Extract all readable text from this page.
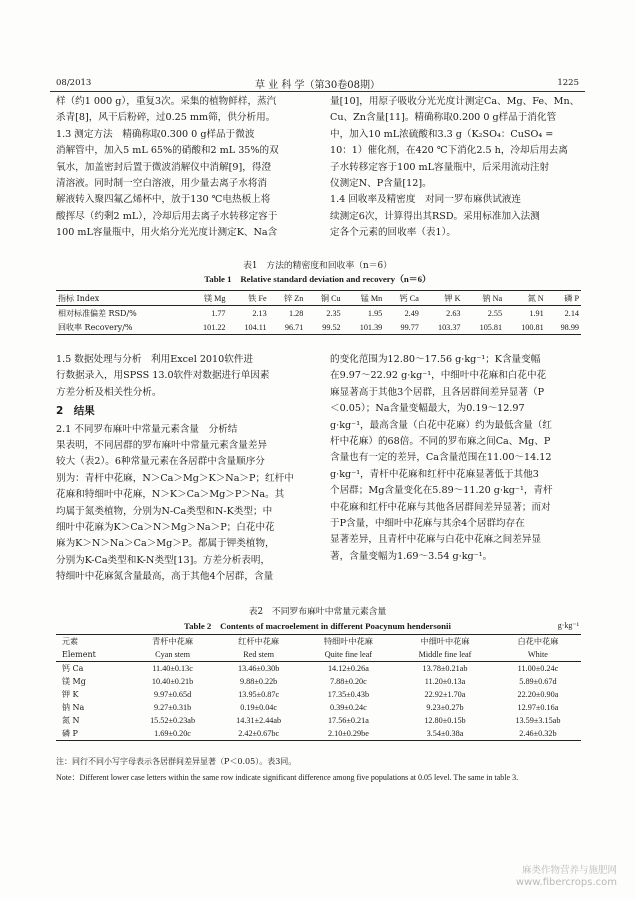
08/2013	草 业 科 学（第30卷08期）	1225

样（约1 000 g），重复3次。采集的植物鲜样，蒸汽

杀青[8]，风干后粉碎，过0.25 mm筛，供分析用。

1.3 测定方法　精确称取0.300 0 g样品于微波

消解管中，加入5 mL 65%的硝酸和2 mL 35%的双

氧水，加盖密封后置于微波消解仪中消解[9]，得澄

清溶液。同时制一空白溶液，用少量去离子水将消

解液转入聚四氟乙烯杯中，放于130 ℃电热板上将

酸挥尽（约剩2 mL），冷却后用去离子水转移定容于

100 mL容量瓶中，用火焰分光光度计测定K、Na含

量[10]，用原子吸收分光光度计测定Ca、Mg、Fe、Mn、

Cu、Zn含量[11]。精确称取0.200 0 g样品于消化管

中，加入10 mL浓硫酸和3.3 g（K₂SO₄：CuSO₄ =

10：1）催化剂，在420 ℃下消化2.5 h，冷却后用去离

子水转移定容于100 mL容量瓶中，后采用流动注射

仪测定N、P含量[12]。

1.4 回收率及精密度　对同一罗布麻供试液连

续测定6次，计算得出其RSD。采用标准加入法测

定各个元素的回收率（表1）。

表1　方法的精密度和回收率（n＝6）
Table 1　Relative standard deviation and recovery（n＝6）
指标 Index	镁 Mg	铁 Fe	锌 Zn	铜 Cu	锰 Mn	钙 Ca	钾 K	钠 Na	氮 N	磷 P
相对标准偏差 RSD/%	1.77	2.13	1.28	2.35	1.95	2.49	2.63	2.55	1.91	2.14
回收率 Recovery/%	101.22	104.11	96.71	99.52	101.39	99.77	103.37	105.81	100.81	98.99

1.5 数据处理与分析　利用Excel 2010软件进

行数据录入，用SPSS 13.0软件对数据进行单因素

方差分析及相关性分析。

2　结果

2.1 不同罗布麻叶中常量元素含量　分析结

果表明，不同居群的罗布麻叶中常量元素含量差异

较大（表2）。6种常量元素在各居群中含量顺序分

别为：青杆中花麻，N＞Ca＞Mg＞K＞Na＞P；红杆中

花麻和特细叶中花麻，N＞K＞Ca＞Mg＞P＞Na。其

均属于氮类植物，分别为N-Ca类型和N-K类型；中

细叶中花麻为K＞Ca＞N＞Mg＞Na＞P；白花中花

麻为K＞N＞Na＞Ca＞Mg＞P。都属于钾类植物，

分别为K-Ca类型和K-N类型[13]。方差分析表明，

特细叶中花麻氮含量最高，高于其他4个居群，含量

的变化范围为12.80～17.56 g·kg⁻¹；K含量变幅

在9.97～22.92 g·kg⁻¹，中细叶中花麻和白花中花

麻显著高于其他3个居群，且各居群间差异显著（P

＜0.05）；Na含量变幅最大，为0.19～12.97

g·kg⁻¹，最高含量（白花中花麻）约为最低含量（红

杆中花麻）的68倍。不同的罗布麻之间Ca、Mg、P

含量也有一定的差异，Ca含量范围在11.00～14.12

g·kg⁻¹，青杆中花麻和红杆中花麻显著低于其他3

个居群；Mg含量变化在5.89～11.20 g·kg⁻¹，青杆

中花麻和红杆中花麻与其他各居群间差异显著；而对

于P含量，中细叶中花麻与其余4个居群均存在

显著差异，且青杆中花麻与白花中花麻之间差异显

著，含量变幅为1.69～3.54 g·kg⁻¹。

表2　不同罗布麻叶中常量元素含量
Table 2　Contents of macroelement in different Poacynum hendersonii	g·kg⁻¹
元素	青杆中花麻	红杆中花麻	特细叶中花麻	中细叶中花麻	白花中花麻
Element	Cyan stem	Red stem	Quite fine leaf	Middle fine leaf	White
钙 Ca	11.40±0.13c	13.46±0.30b	14.12±0.26a	13.78±0.21ab	11.00±0.24c
镁 Mg	10.40±0.21b	9.88±0.22b	7.88±0.20c	11.20±0.13a	5.89±0.67d
钾 K	9.97±0.65d	13.95±0.87c	17.35±0.43b	22.92±1.70a	22.20±0.90a
钠 Na	9.27±0.31b	0.19±0.04c	0.39±0.24c	9.23±0.27b	12.97±0.16a
氮 N	15.52±0.23ab	14.31±2.44ab	17.56±0.21a	12.80±0.15b	13.59±3.15ab
磷 P	1.69±0.20c	2.42±0.67bc	2.10±0.29be	3.54±0.38a	2.46±0.32b
注：同行不同小写字母表示各居群间差异显著（P＜0.05）。表3同。
Note：Different lower case letters within the same row indicate significant difference among five populations at 0.05 level. The same in table 3.
麻类作物营养与施肥网
www.fibercrops.com
